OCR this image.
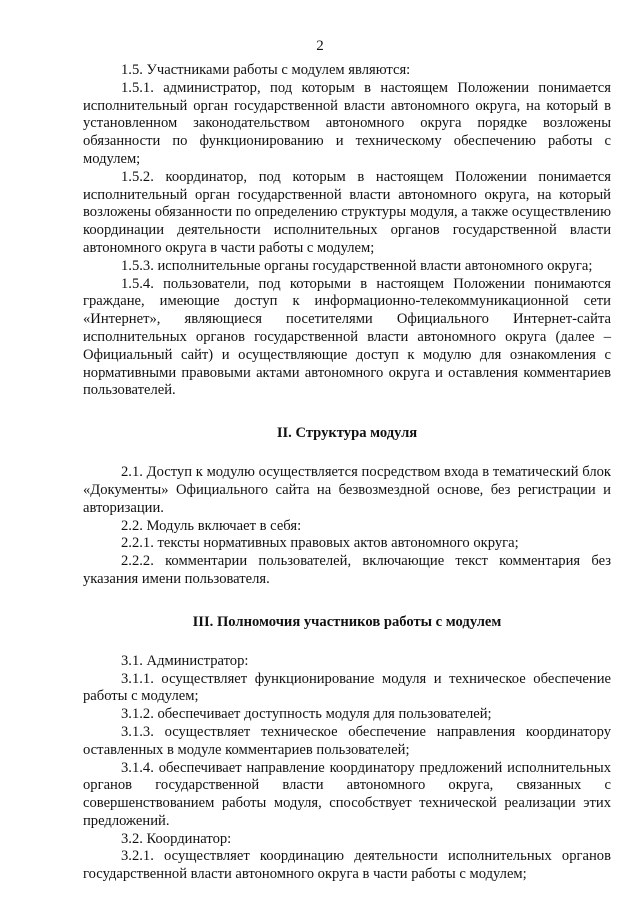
2

1.5. Участниками работы с модулем являются:

1.5.1. администратор, под которым в настоящем Положении понимается исполнительный орган государственной власти автономного округа, на который в установленном законодательством автономного округа порядке возложены обязанности по функционированию и техническому обеспечению работы с модулем;

1.5.2. координатор, под которым в настоящем Положении понимается исполнительный орган государственной власти автономного округа, на который возложены обязанности по определению структуры модуля, а также осуществлению координации деятельности исполнительных органов государственной власти автономного округа в части работы с модулем;

1.5.3. исполнительные органы государственной власти автономного округа;

1.5.4. пользователи, под которыми в настоящем Положении понимаются граждане, имеющие доступ к информационно-телекоммуникационной сети «Интернет», являющиеся посетителями Официального Интернет-сайта исполнительных органов государственной власти автономного округа (далее – Официальный сайт) и осуществляющие доступ к модулю для ознакомления с нормативными правовыми актами автономного округа и оставления комментариев пользователей.

II. Структура модуля

2.1. Доступ к модулю осуществляется посредством входа в тематический блок «Документы» Официального сайта на безвозмездной основе, без регистрации и авторизации.

2.2. Модуль включает в себя:

2.2.1. тексты нормативных правовых актов автономного округа;

2.2.2. комментарии пользователей, включающие текст комментария без указания имени пользователя.

III. Полномочия участников работы с модулем

3.1. Администратор:

3.1.1. осуществляет функционирование модуля и техническое обеспечение работы с модулем;

3.1.2. обеспечивает доступность модуля для пользователей;

3.1.3. осуществляет техническое обеспечение направления координатору оставленных в модуле комментариев пользователей;

3.1.4. обеспечивает направление координатору предложений исполнительных органов государственной власти автономного округа, связанных с совершенствованием работы модуля, способствует технической реализации этих предложений.

3.2. Координатор:

3.2.1. осуществляет координацию деятельности исполнительных органов государственной власти автономного округа в части работы с модулем;
